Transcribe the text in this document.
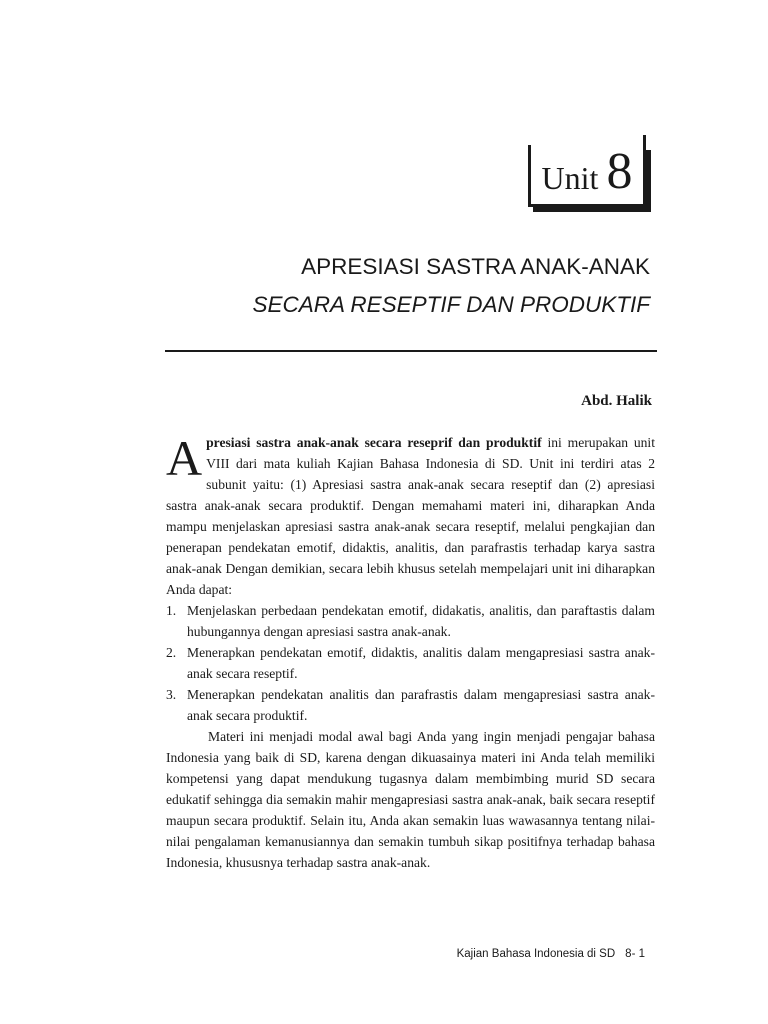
Unit 8
APRESIASI SASTRA ANAK-ANAK
SECARA RESEPTIF DAN PRODUKTIF
Abd. Halik

Apresiasi sastra anak-anak secara reseprif dan produktif ini merupakan unit VIII dari mata kuliah Kajian Bahasa Indonesia di SD. Unit ini terdiri atas 2 subunit yaitu: (1) Apresiasi sastra anak-anak secara reseptif dan (2) apresiasi sastra anak-anak secara produktif. Dengan memahami materi ini, diharapkan Anda mampu menjelaskan apresiasi sastra anak-anak secara reseptif, melalui pengkajian dan penerapan pendekatan emotif, didaktis, analitis, dan parafrastis terhadap karya sastra anak-anak Dengan demikian, secara lebih khusus setelah mempelajari unit ini diharapkan Anda dapat:

1. Menjelaskan perbedaan pendekatan emotif, didakatis, analitis, dan paraftastis dalam hubungannya dengan apresiasi sastra anak-anak.
2. Menerapkan pendekatan emotif, didaktis, analitis dalam mengapresiasi sastra anak-anak secara reseptif.
3. Menerapkan pendekatan analitis dan parafrastis dalam mengapresiasi sastra anak-anak secara produktif.

Materi ini menjadi modal awal bagi Anda yang ingin menjadi pengajar bahasa Indonesia yang baik di SD, karena dengan dikuasainya materi ini Anda telah memiliki kompetensi yang dapat mendukung tugasnya dalam membimbing murid SD secara edukatif sehingga dia semakin mahir mengapresiasi sastra anak-anak, baik secara reseptif maupun secara produktif. Selain itu, Anda akan semakin luas wawasannya tentang nilai-nilai pengalaman kemanusiannya dan semakin tumbuh sikap positifnya terhadap bahasa Indonesia, khususnya terhadap sastra anak-anak.

Kajian Bahasa Indonesia di SD 8- 1
